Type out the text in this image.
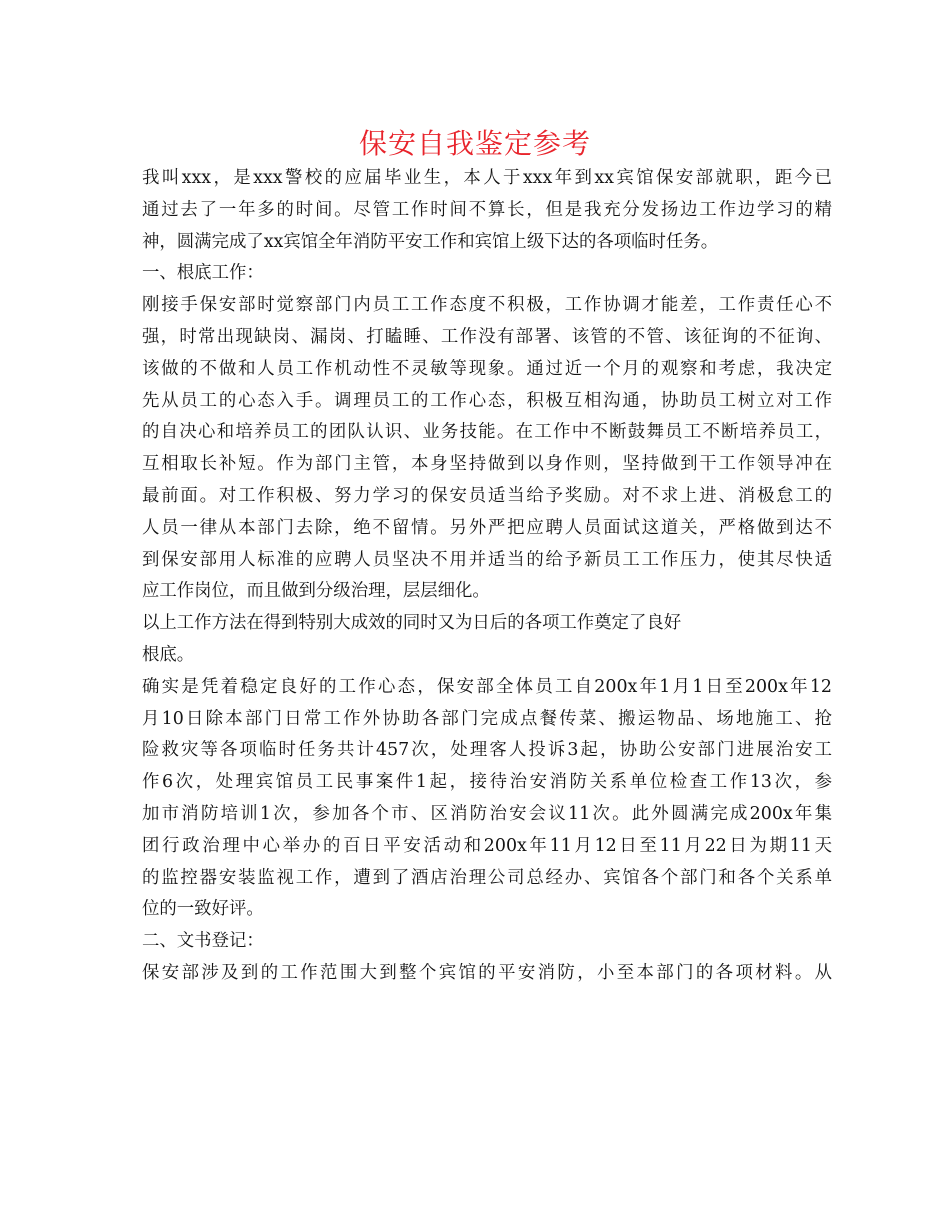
保安自我鉴定参考
我叫xxx，是xxx警校的应届毕业生，本人于xxx年到xx宾馆保安部就职，距今已
通过去了一年多的时间。尽管工作时间不算长，但是我充分发扬边工作边学习的精
神，圆满完成了xx宾馆全年消防平安工作和宾馆上级下达的各项临时任务。
一、根底工作：
刚接手保安部时觉察部门内员工工作态度不积极，工作协调才能差，工作责任心不
强，时常出现缺岗、漏岗、打瞌睡、工作没有部署、该管的不管、该征询的不征询、
该做的不做和人员工作机动性不灵敏等现象。通过近一个月的观察和考虑，我决定
先从员工的心态入手。调理员工的工作心态，积极互相沟通，协助员工树立对工作
的自决心和培养员工的团队认识、业务技能。在工作中不断鼓舞员工不断培养员工，
互相取长补短。作为部门主管，本身坚持做到以身作则，坚持做到干工作领导冲在
最前面。对工作积极、努力学习的保安员适当给予奖励。对不求上进、消极怠工的
人员一律从本部门去除，绝不留情。另外严把应聘人员面试这道关，严格做到达不
到保安部用人标准的应聘人员坚决不用并适当的给予新员工工作压力，使其尽快适
应工作岗位，而且做到分级治理，层层细化。
以上工作方法在得到特别大成效的同时又为日后的各项工作奠定了良好
根底。
确实是凭着稳定良好的工作心态，保安部全体员工自200x年1月1日至200x年12
月10日除本部门日常工作外协助各部门完成点餐传菜、搬运物品、场地施工、抢
险救灾等各项临时任务共计457次，处理客人投诉3起，协助公安部门进展治安工
作6次，处理宾馆员工民事案件1起，接待治安消防关系单位检查工作13次，参
加市消防培训1次，参加各个市、区消防治安会议11次。此外圆满完成200x年集
团行政治理中心举办的百日平安活动和200x年11月12日至11月22日为期11天
的监控器安装监视工作，遭到了酒店治理公司总经办、宾馆各个部门和各个关系单
位的一致好评。
二、文书登记：
保安部涉及到的工作范围大到整个宾馆的平安消防，小至本部门的各项材料。从
